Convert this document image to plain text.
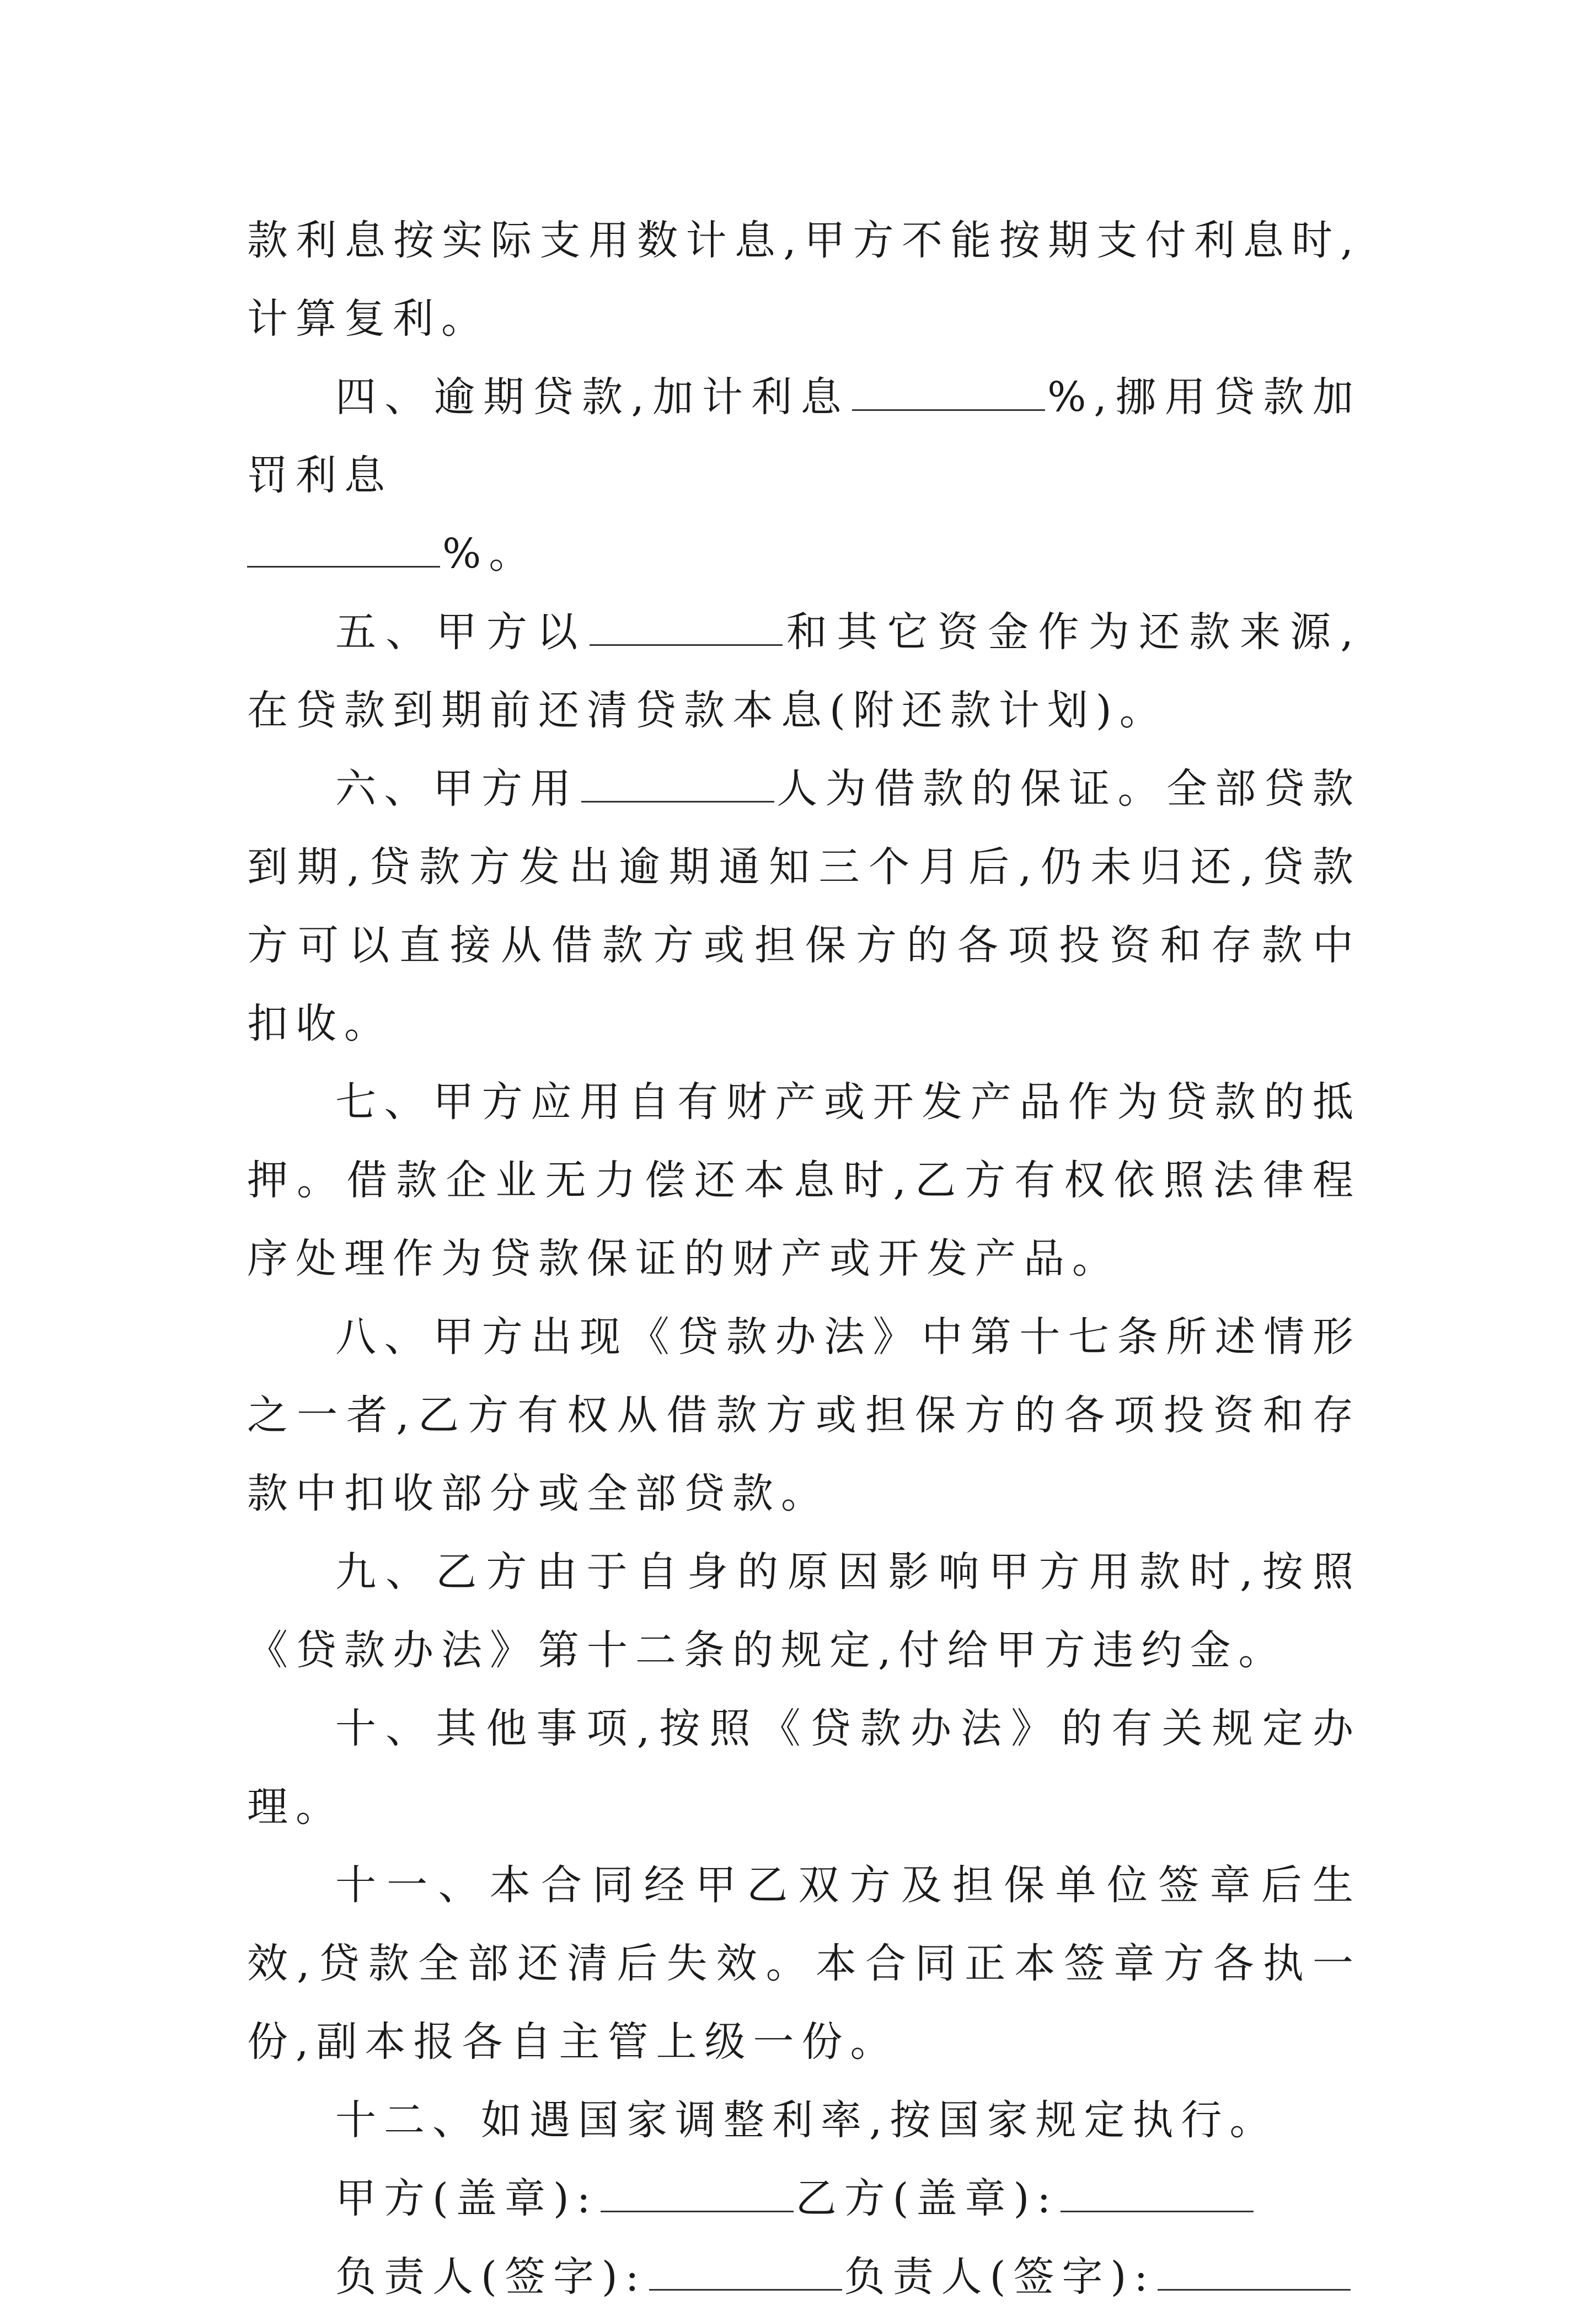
款利息按实际支用数计息,甲方不能按期支付利息时,计算复利。

四、逾期贷款,加计利息	%,挪用贷款加罚利息
%。

五、甲方以	和其它资金作为还款来源,在贷款到期前还清贷款本息(附还款计划)。

六、甲方用	人为借款的保证。全部贷款到期,贷款方发出逾期通知三个月后,仍未归还,贷款方可以直接从借款方或担保方的各项投资和存款中扣收。

七、甲方应用自有财产或开发产品作为贷款的抵押。借款企业无力偿还本息时,乙方有权依照法律程序处理作为贷款保证的财产或开发产品。

八、甲方出现《贷款办法》中第十七条所述情形之一者,乙方有权从借款方或担保方的各项投资和存款中扣收部分或全部贷款。

九、乙方由于自身的原因影响甲方用款时,按照《贷款办法》第十二条的规定,付给甲方违约金。

十、其他事项,按照《贷款办法》的有关规定办理。

十一、本合同经甲乙双方及担保单位签章后生效,贷款全部还清后失效。本合同正本签章方各执一份,副本报各自主管上级一份。

十二、如遇国家调整利率,按国家规定执行。

甲方(盖章):	乙方(盖章):

负责人(签字):	负责人(签字):
